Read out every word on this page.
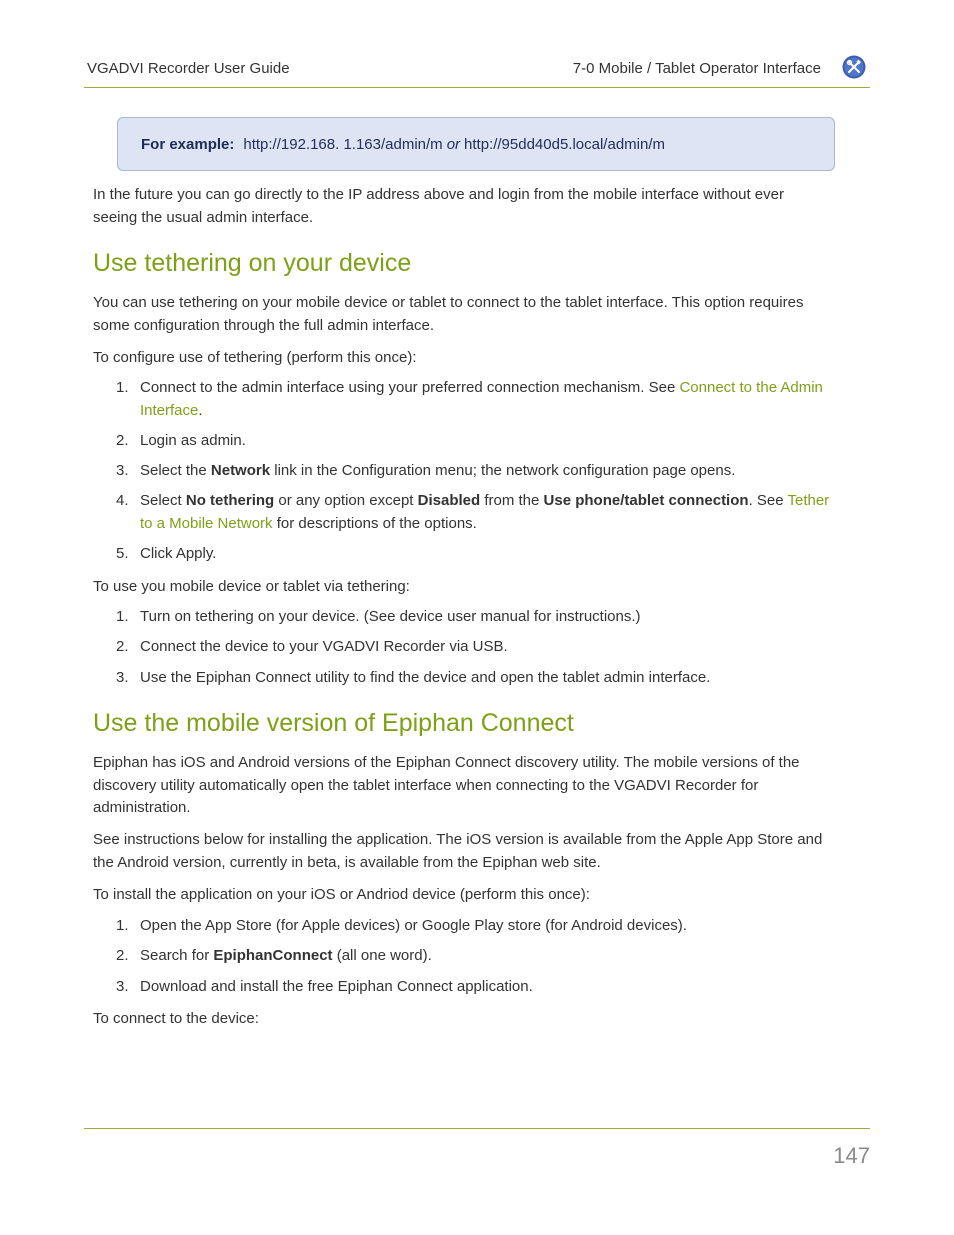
VGADVI Recorder User Guide	7-0 Mobile / Tablet Operator Interface
For example: http://192.168. 1.163/admin/m or http://95dd40d5.local/admin/m
In the future you can go directly to the IP address above and login from the mobile interface without ever
seeing the usual admin interface.
Use tethering on your device
You can use tethering on your mobile device or tablet to connect to the tablet interface. This option requires
some configuration through the full admin interface.
To configure use of tethering (perform this once):
1. Connect to the admin interface using your preferred connection mechanism. See Connect to the Admin
Interface.
2. Login as admin.
3. Select the Network link in the Configuration menu; the network configuration page opens.
4. Select No tethering or any option except Disabled from the Use phone/tablet connection. See Tether
to a Mobile Network for descriptions of the options.
5. Click Apply.
To use you mobile device or tablet via tethering:
1. Turn on tethering on your device. (See device user manual for instructions.)
2. Connect the device to your VGADVI Recorder via USB.
3. Use the Epiphan Connect utility to find the device and open the tablet admin interface.
Use the mobile version of Epiphan Connect
Epiphan has iOS and Android versions of the Epiphan Connect discovery utility. The mobile versions of the
discovery utility automatically open the tablet interface when connecting to the VGADVI Recorder for
administration.
See instructions below for installing the application. The iOS version is available from the Apple App Store and
the Android version, currently in beta, is available from the Epiphan web site.
To install the application on your iOS or Andriod device (perform this once):
1. Open the App Store (for Apple devices) or Google Play store (for Android devices).
2. Search for EpiphanConnect (all one word).
3. Download and install the free Epiphan Connect application.
To connect to the device:
147
